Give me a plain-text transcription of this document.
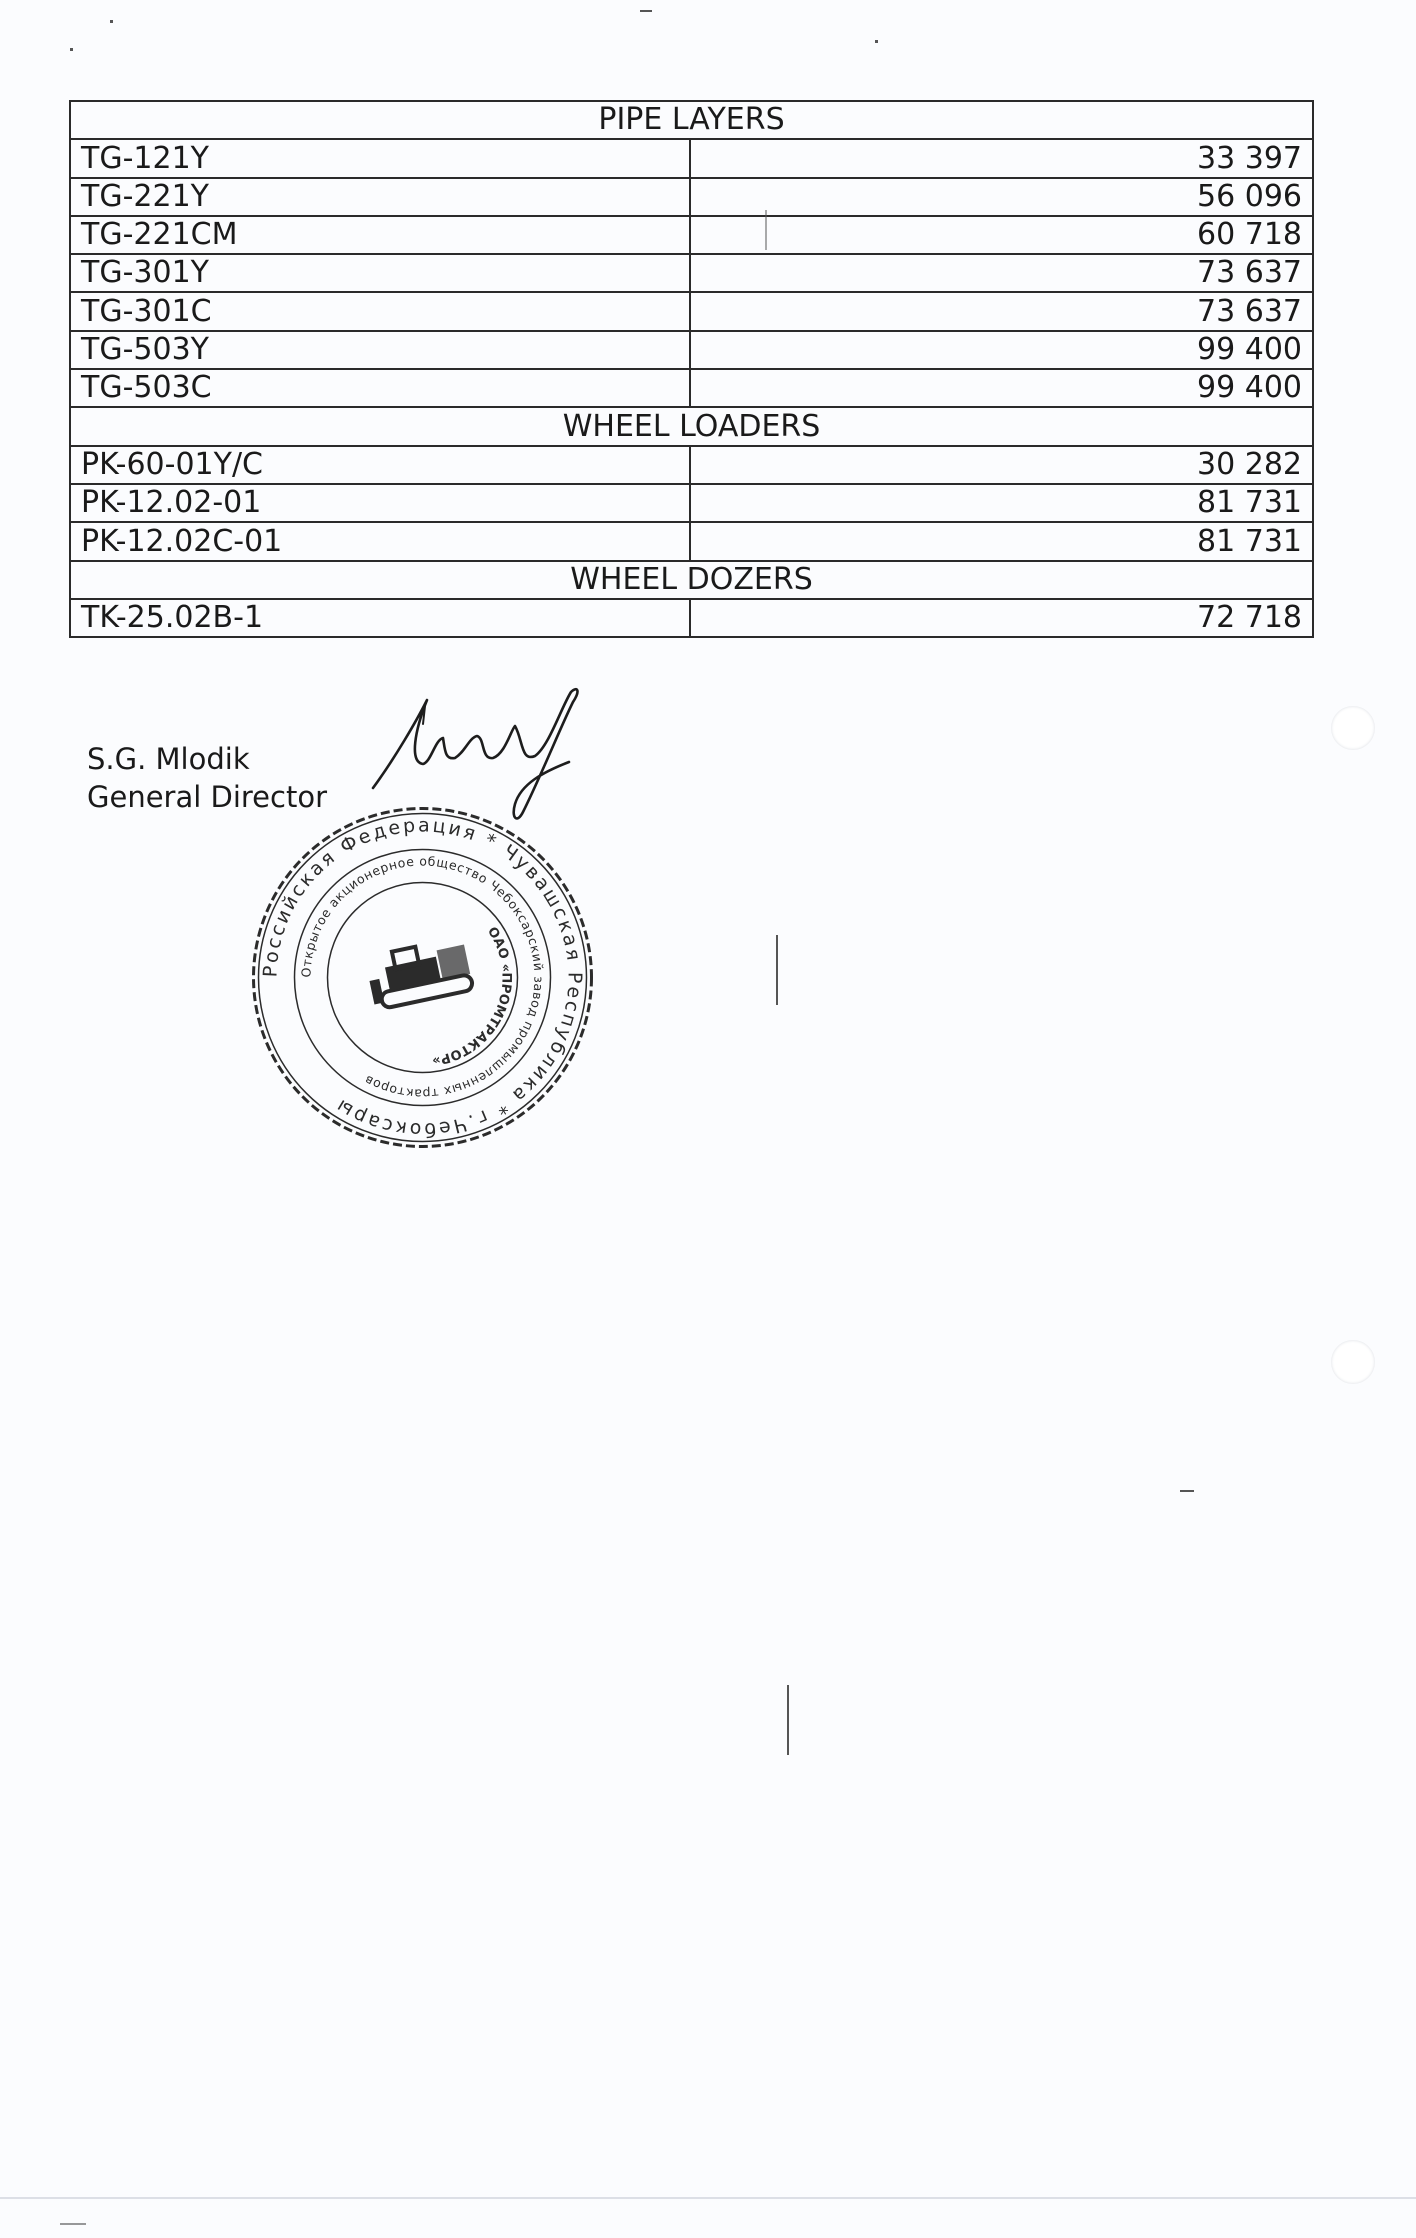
PIPE LAYERS	
TG-121Y	33 397
TG-221Y	56 096
TG-221CM	60 718
TG-301Y	73 637
TG-301C	73 637
TG-503Y	99 400
TG-503C	99 400
WHEEL LOADERS	
PK-60-01Y/C	30 282
PK-12.02-01	81 731
PK-12.02C-01	81 731
WHEEL DOZERS	
TK-25.02B-1	72 718
S.G. Mlodik
General Director
Российская Федерация * Чувашская Республика * г.Чебоксары
Открытое акционерное общество Чебоксарский завод промышленных тракторов
ОАО «ПРОМТРАКТОР»
